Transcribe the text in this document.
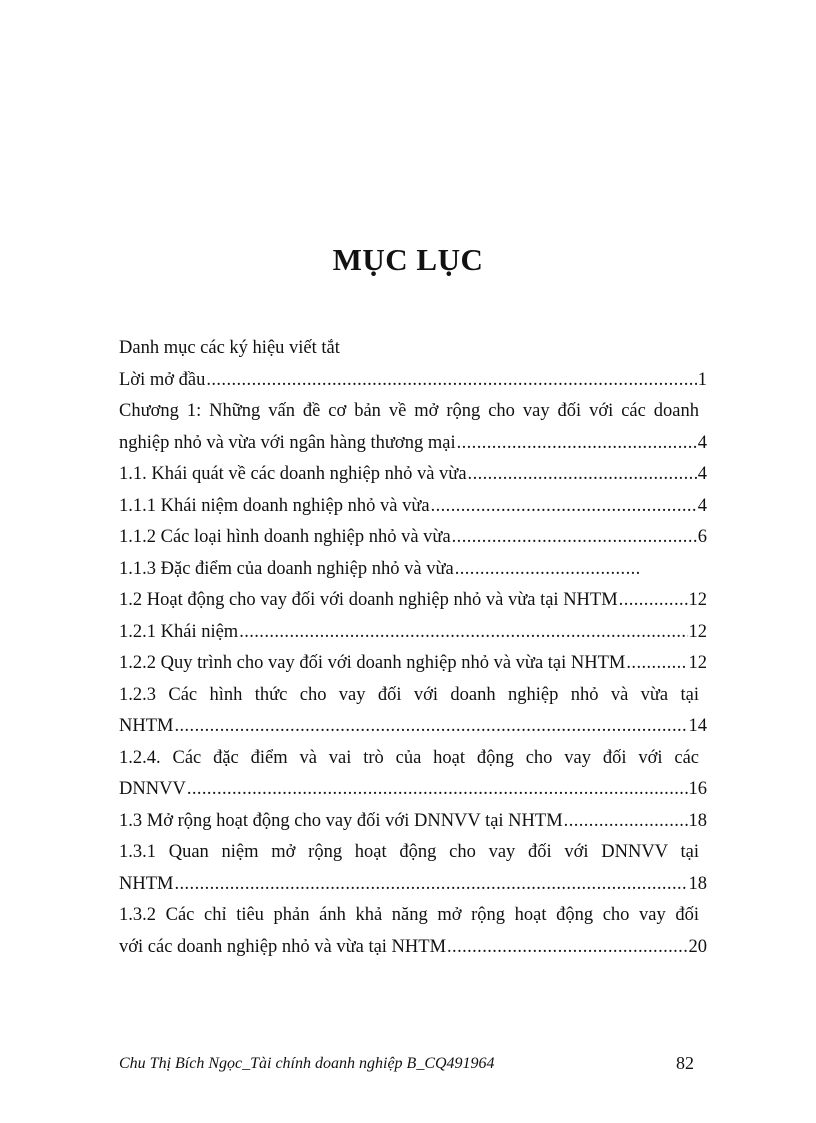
MỤC LỤC
Danh mục các ký hiệu viết tắt
Lời mở đầu .....	1
Chương 1: Những vấn đề cơ bản về mở rộng cho vay đối với các doanh
nghiệp nhỏ và vừa với ngân hàng thương mại .....	4
1.1. Khái quát về các doanh nghiệp nhỏ và vừa .....	4
1.1.1 Khái niệm doanh nghiệp nhỏ và vừa .....	4
1.1.2 Các loại hình doanh nghiệp nhỏ và vừa .....	6
1.1.3 Đặc điểm của doanh nghiệp nhỏ và vừa
.....
1.2 Hoạt động cho vay đối với doanh nghiệp nhỏ và vừa tại NHTM .....	12
1.2.1 Khái niệm .....	12
1.2.2 Quy trình cho vay đối với doanh nghiệp nhỏ và vừa tại NHTM .....	12
1.2.3 Các hình thức cho vay đối với doanh nghiệp nhỏ và vừa tại
NHTM .....	14
1.2.4. Các đặc điểm và vai trò của hoạt động cho vay đối với các
DNNVV .....	16
1.3 Mở rộng hoạt động cho vay đối với DNNVV tại NHTM .....	18
1.3.1 Quan niệm mở rộng hoạt động cho vay đối với DNNVV tại
NHTM .....	18
1.3.2 Các chỉ tiêu phản ánh khả năng mở rộng hoạt động cho vay đối
với các doanh nghiệp nhỏ và vừa tại NHTM .....	20
Chu Thị Bích Ngọc_Tài chính doanh nghiệp B_CQ491964	82
